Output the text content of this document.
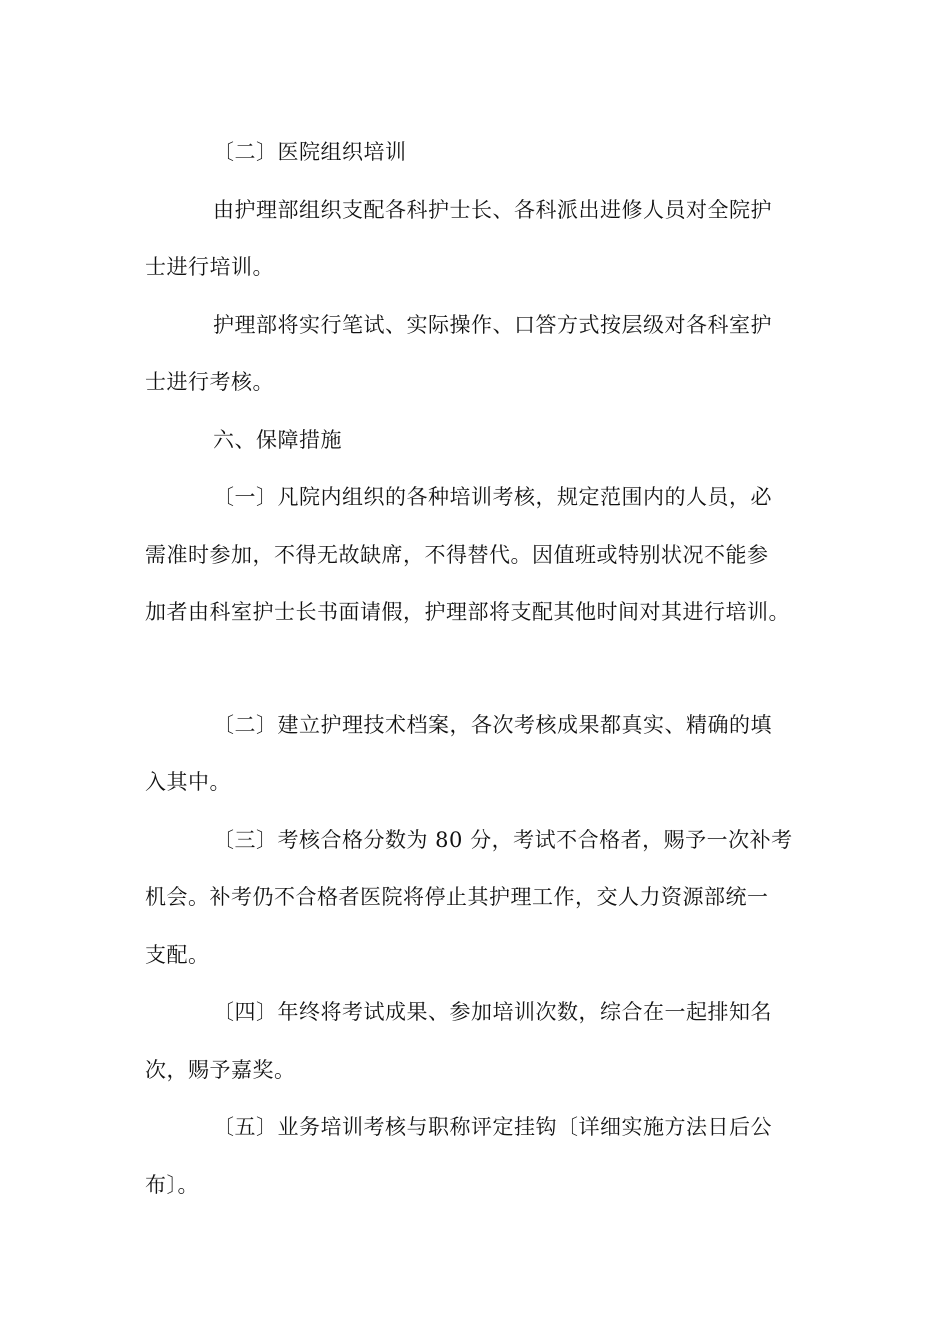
〔二〕医院组织培训
由护理部组织支配各科护士长、各科派出进修人员对全院护
士进行培训。
护理部将实行笔试、实际操作、口答方式按层级对各科室护
士进行考核。
六、保障措施
〔一〕凡院内组织的各种培训考核，规定范围内的人员，必
需准时参加，不得无故缺席，不得替代。因值班或特别状况不能参
加者由科室护士长书面请假，护理部将支配其他时间对其进行培训。
〔二〕建立护理技术档案，各次考核成果都真实、精确的填
入其中。
〔三〕考核合格分数为 80 分，考试不合格者，赐予一次补考
机会。补考仍不合格者医院将停止其护理工作，交人力资源部统一
支配。
〔四〕年终将考试成果、参加培训次数，综合在一起排知名
次，赐予嘉奖。
〔五〕业务培训考核与职称评定挂钩〔详细实施方法日后公
布〕。
